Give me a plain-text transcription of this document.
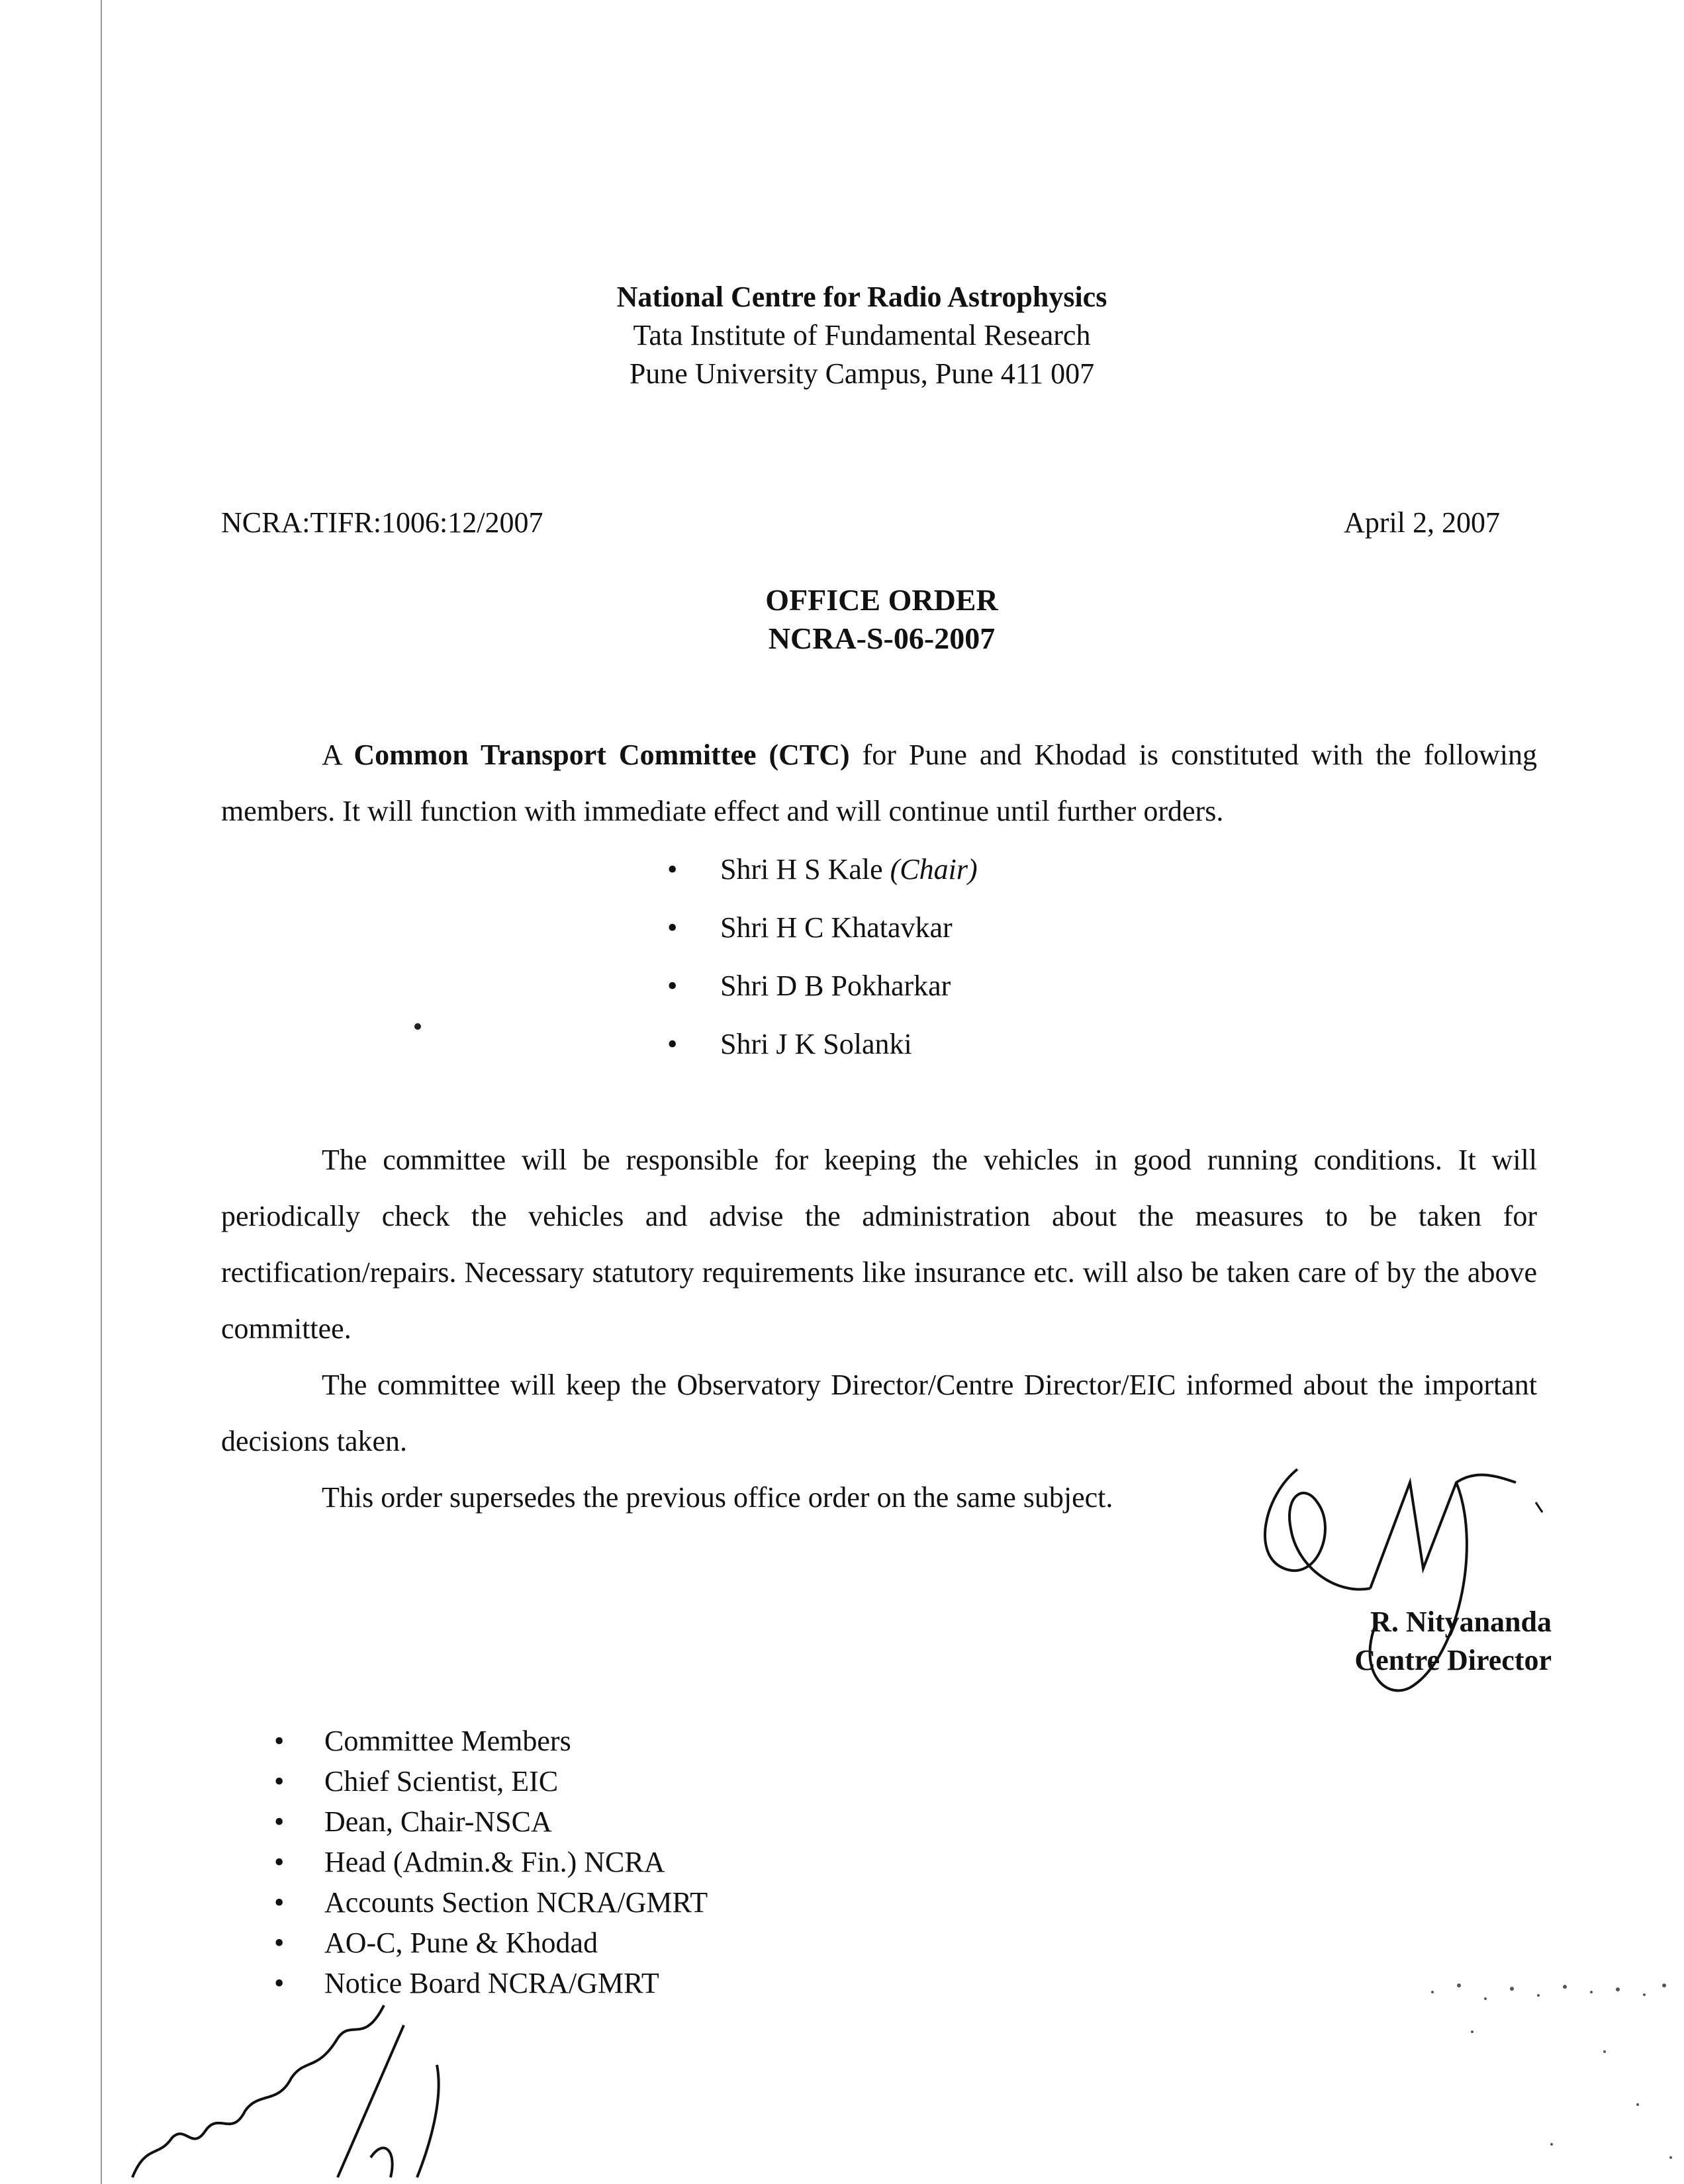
National Centre for Radio Astrophysics
Tata Institute of Fundamental Research
Pune University Campus, Pune 411 007
NCRA:TIFR:1006:12/2007	April 2, 2007
OFFICE ORDER
NCRA-S-06-2007
A Common Transport Committee (CTC) for Pune and Khodad is constituted with the following members. It will function with immediate effect and will continue until further orders.
• Shri H S Kale (Chair)
• Shri H C Khatavkar
• Shri D B Pokharkar
• Shri J K Solanki
The committee will be responsible for keeping the vehicles in good running conditions. It will periodically check the vehicles and advise the administration about the measures to be taken for rectification/repairs. Necessary statutory requirements like insurance etc. will also be taken care of by the above committee.
The committee will keep the Observatory Director/Centre Director/EIC informed about the important decisions taken.
This order supersedes the previous office order on the same subject.
R. Nityananda
Centre Director
• Committee Members
• Chief Scientist, EIC
• Dean, Chair-NSCA
• Head (Admin.& Fin.) NCRA
• Accounts Section NCRA/GMRT
• AO-C, Pune & Khodad
• Notice Board NCRA/GMRT
